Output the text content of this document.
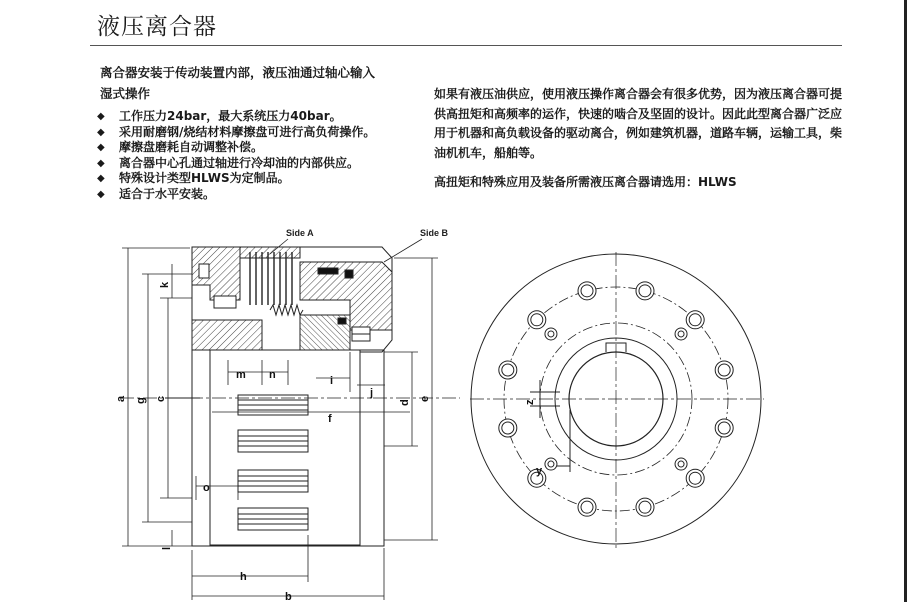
液压离合器
离合器安装于传动装置内部，液压油通过轴心输入
湿式操作
◆ 工作压力24bar，最大系统压力40bar。
◆ 采用耐磨钢/烧结材料摩擦盘可进行高负荷操作。
◆ 摩擦盘磨耗自动调整补偿。
◆ 离合器中心孔通过轴进行冷却油的内部供应。
◆ 特殊设计类型HLWS为定制品。
◆ 适合于水平安装。
如果有液压油供应，使用液压操作离合器会有很多优势，因为液压离合器可提供高扭矩和高频率的运作，快速的啮合及坚固的设计。因此此型离合器广泛应用于机器和高负载设备的驱动离合，例如建筑机器，道路车辆，运输工具，柴油机机车，船舶等。
高扭矩和特殊应用及装备所需液压离合器请选用：HLWS
Side A	Side B
a g c
k
l
m n	i
j
f
d
e
o
h
b
z
y
